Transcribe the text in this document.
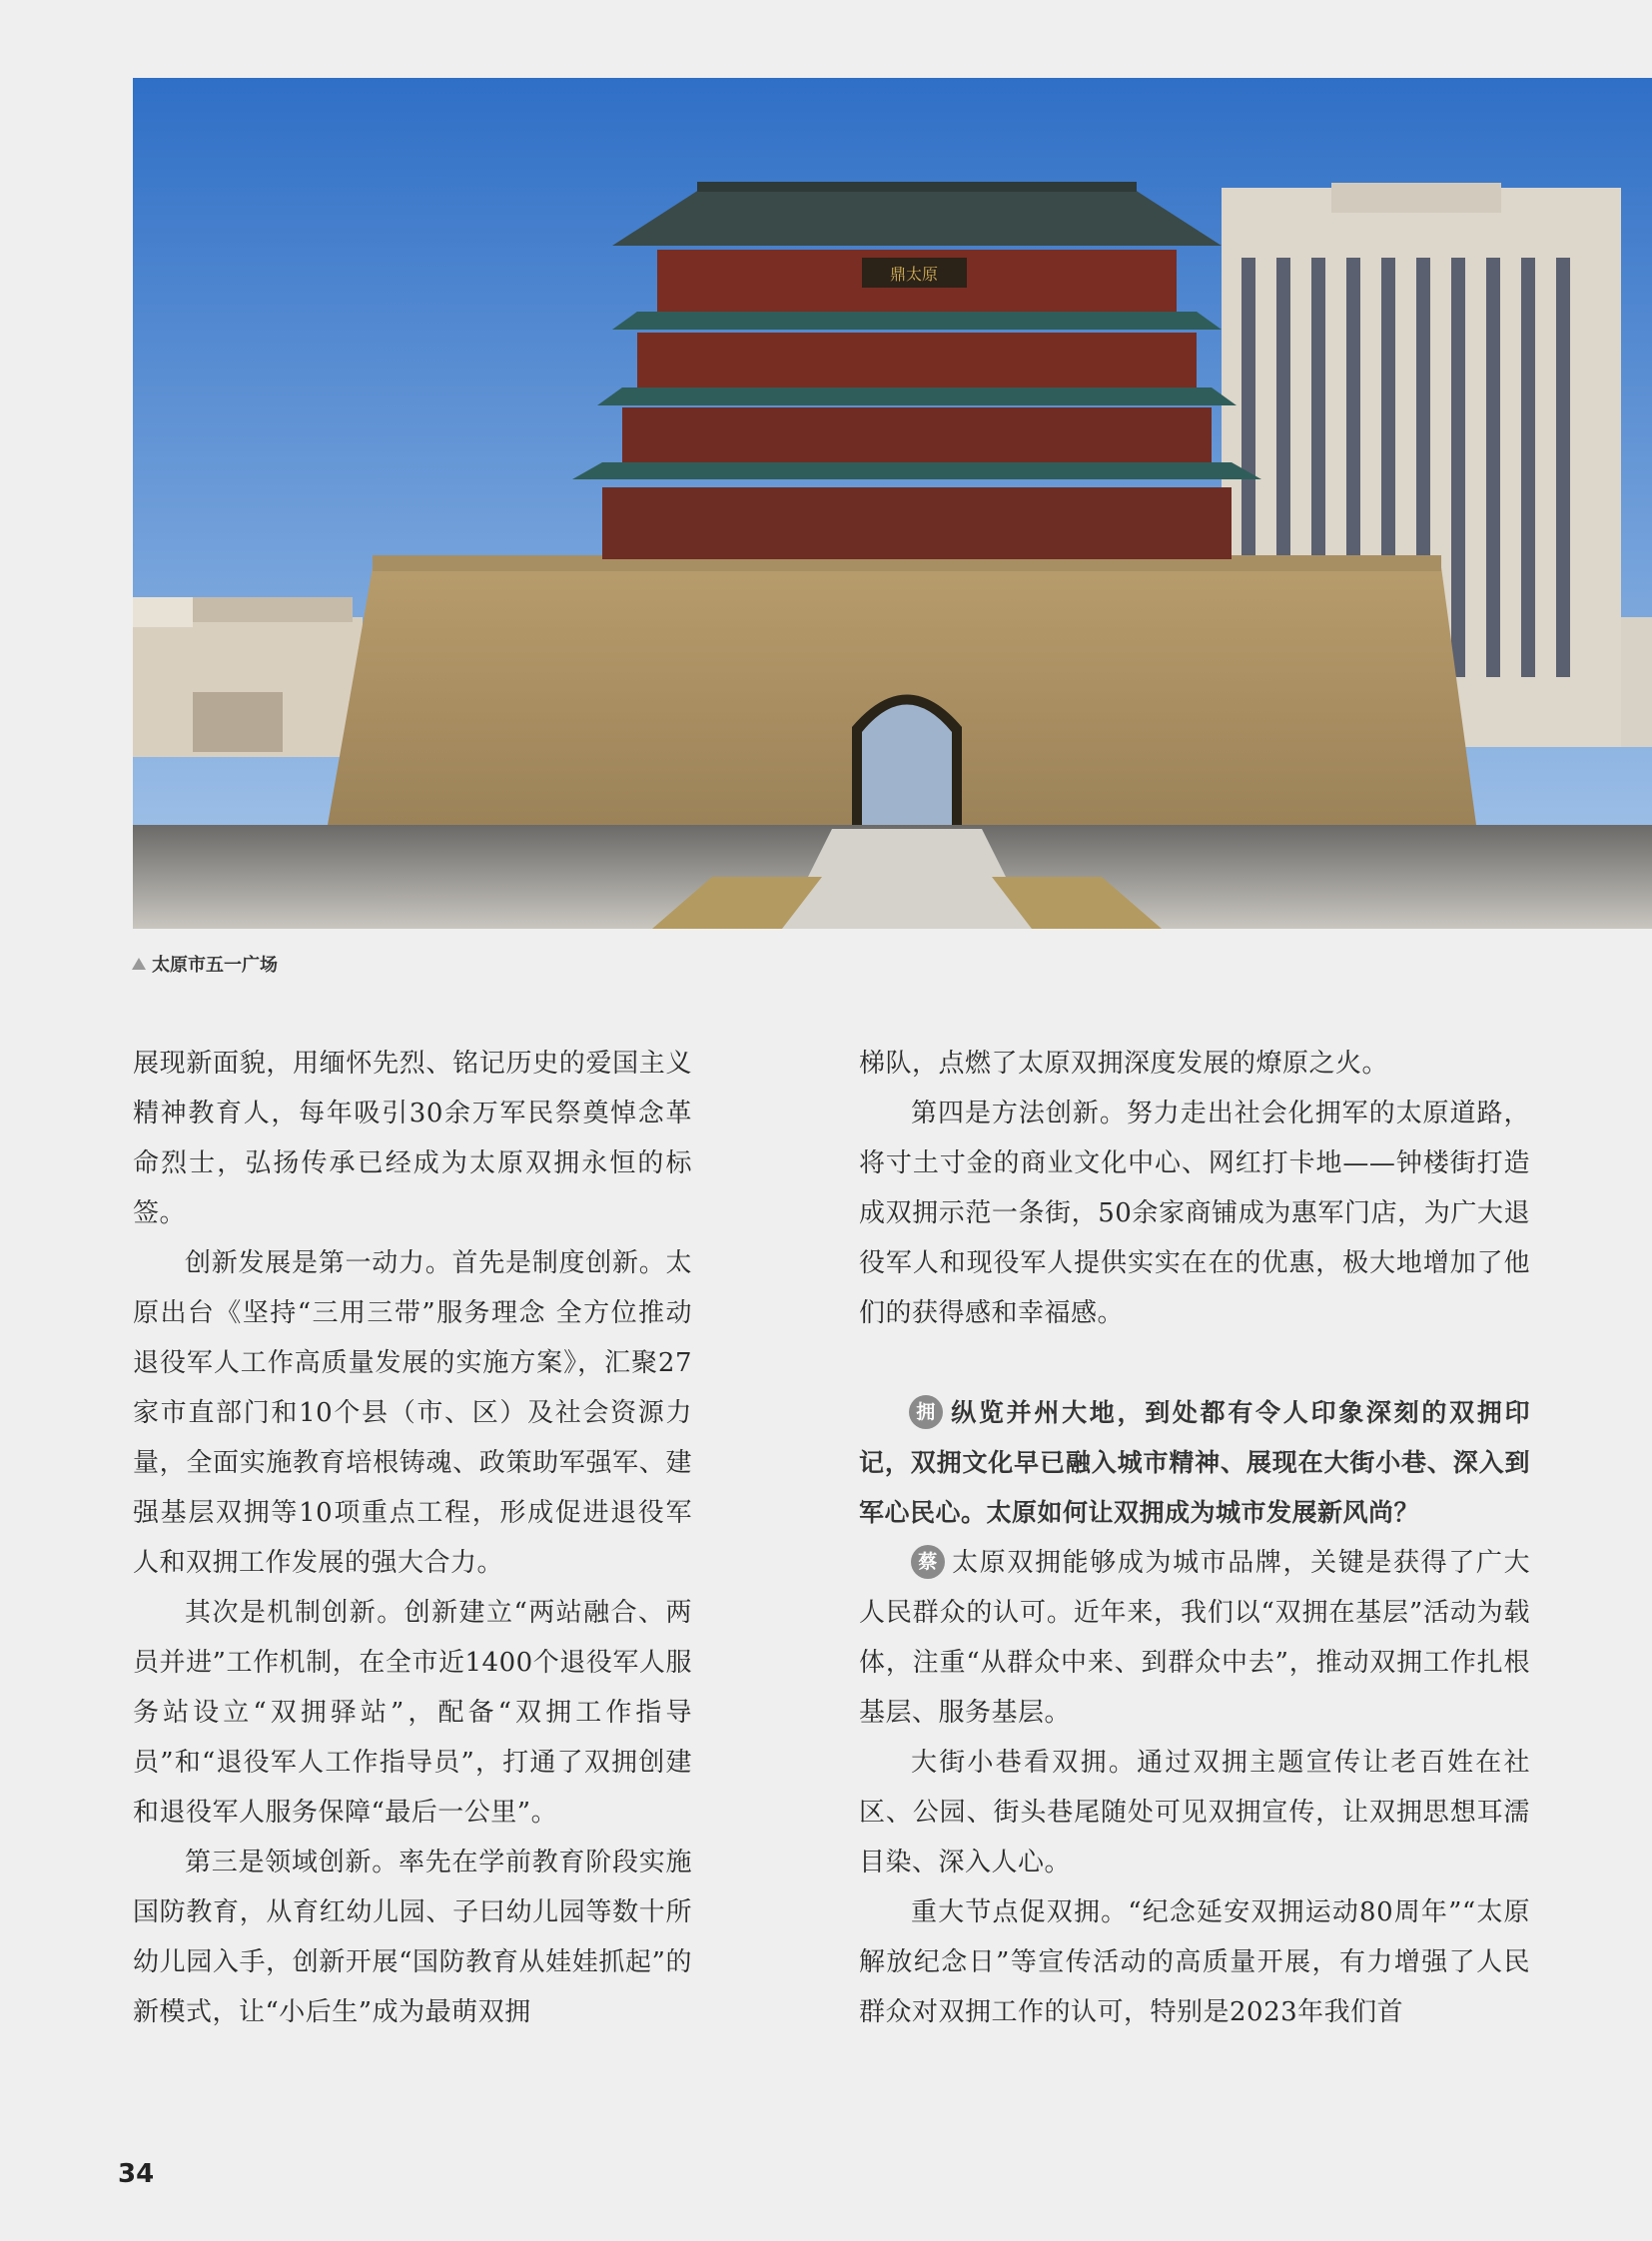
鼎太原
太原市五一广场

展现新面貌，用缅怀先烈、铭记历史的爱国主义精神教育人，每年吸引30余万军民祭奠悼念革命烈士，弘扬传承已经成为太原双拥永恒的标签。

创新发展是第一动力。首先是制度创新。太原出台《坚持“三用三带”服务理念 全方位推动退役军人工作高质量发展的实施方案》，汇聚27家市直部门和10个县（市、区）及社会资源力量，全面实施教育培根铸魂、政策助军强军、建强基层双拥等10项重点工程，形成促进退役军人和双拥工作发展的强大合力。

其次是机制创新。创新建立“两站融合、两员并进”工作机制，在全市近1400个退役军人服务站设立“双拥驿站”，配备“双拥工作指导员”和“退役军人工作指导员”，打通了双拥创建和退役军人服务保障“最后一公里”。

第三是领域创新。率先在学前教育阶段实施国防教育，从育红幼儿园、子曰幼儿园等数十所幼儿园入手，创新开展“国防教育从娃娃抓起”的新模式，让“小后生”成为最萌双拥

梯队，点燃了太原双拥深度发展的燎原之火。

第四是方法创新。努力走出社会化拥军的太原道路，将寸土寸金的商业文化中心、网红打卡地——钟楼街打造成双拥示范一条街，50余家商铺成为惠军门店，为广大退役军人和现役军人提供实实在在的优惠，极大地增加了他们的获得感和幸福感。

拥 纵览并州大地，到处都有令人印象深刻的双拥印记，双拥文化早已融入城市精神、展现在大街小巷、深入到军心民心。太原如何让双拥成为城市发展新风尚？

蔡 太原双拥能够成为城市品牌，关键是获得了广大人民群众的认可。近年来，我们以“双拥在基层”活动为载体，注重“从群众中来、到群众中去”，推动双拥工作扎根基层、服务基层。

大街小巷看双拥。通过双拥主题宣传让老百姓在社区、公园、街头巷尾随处可见双拥宣传，让双拥思想耳濡目染、深入人心。

重大节点促双拥。“纪念延安双拥运动80周年”“太原解放纪念日”等宣传活动的高质量开展，有力增强了人民群众对双拥工作的认可，特别是2023年我们首

34
